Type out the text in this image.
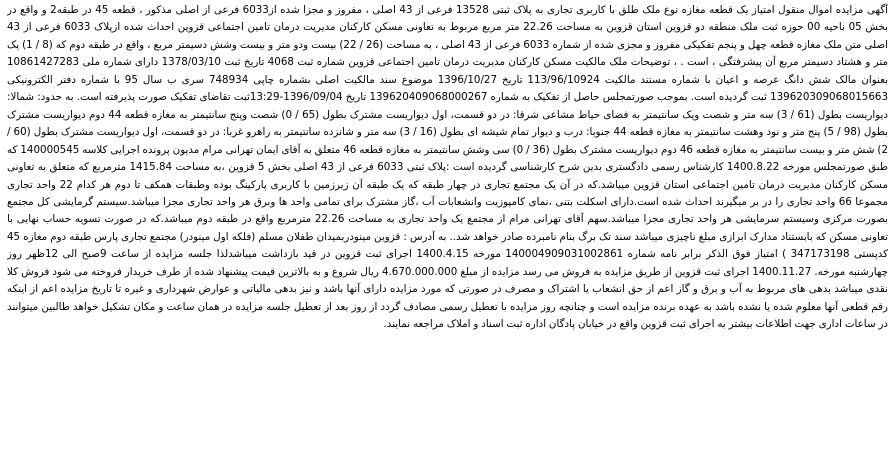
آگهی مزایده اموال منقول امتیاز یک قطعه مغازه نوع ملک طلق با کاربری تجاری به پلاک ثبتی 13528 فرعی از 43 اصلی ، مفروز و مجزا شده از6033 فرعی از اصلی مذکور ، قطعه 45 در طبقه2 و واقع در بخش 05 ناحیه 00 حوزه ثبت ملک منطقه دو قزوین استان قزوین به مساحت 22.26 متر مربع مربوط به تعاونی مسکن کارکنان مدیریت درمان تامین اجتماعی قزوین احداث شده ازپلاک 6033 فرعی از 43 اصلی متن ملک مغازه قطعه چهل و پنجم تفکیکی مفروز و مجزی شده از شماره 6033 فرعی از 43 اصلی ، به مساحت (26 / 22) بیست ودو متر و بیست وشش دسیمتر مربع ، واقع در طبقه دوم که (8 / 1) یک متر و هشتاد دسیمتر مربع آن پیشرفتگی ، است . ، توضیحات ملک مالکیت مسکن کارکنان مدیریت درمان تامین اجتماعی قزوین شماره ثبت 4068 تاریخ ثبت 1378/03/10 دارای شماره ملی 10861427283 بعنوان مالک شش دانگ عرصه و اعیان با شماره مستند مالکیت 113/96/10924 تاریخ 1396/10/27 موضوع سند مالکیت اصلی بشماره چاپی 748934 سری ب سال 95 با شماره دفتر الکترونیکی 139620309068015663 ثبت گردیده است. بموجب صورتمجلس حاصل از تفکیک به شماره 139620409068000267 تاریخ 1396/09/04-13:29ثبت تقاضای تفکیک صورت پذیرفته است. به حدود: شمالا: دیواریست بطول (61 / 3) سه متر و شصت ویک سانتیمتر به فضای حیاط مشاعی شرقا: در دو قسمت، اول دیواریست مشترک بطول (65 / 0) شصت وپنج سانتیمتر به مغازه قطعه 44 دوم دیواریست مشترک بطول (98 / 5) پنج متر و نود وهشت سانتیمتر به مغازه قطعه 44 جنوبا: درب و دیوار تمام شیشه ای بطول (16 / 3) سه متر و شانزده سانتیمتر به راهرو غربا: در دو قسمت، اول دیواریست مشترک بطول (60 / 2) شش متر و بیست سانتیمتر به مغازه قطعه 46 دوم دیواریست مشترک بطول (36 / 0) سی وشش سانتیمتر به مغازه قطعه 46 متعلق به آقای ایمان تهرانی مرام مدیون پرونده اجرایی کلاسه 140000545 که طبق صورتمجلس مورخه 1400.8.22 کارشناس رسمی دادگستری بدین شرح کارشناسی گردیده است :پلاک ثبتی 6033 فرعی از 43 اصلی بخش 5 قزوین ،به مساحت 1415.84 مترمربع که متعلق به تعاونی مسکن کارکنان مدیریت درمان تامین اجتماعی استان قزوین میباشد.که در آن یک مجتمع تجاری در چهار طبقه که یک طبقه آن زیرزمین با کاربری پارکینگ بوده وطبقات همکف تا دوم هر کدام 22 واحد تجاری مجموعا 66 واحد تجاری را در بر میگیرند احداث شده است.دارای اسکلت بتنی ،نمای کامپوزیت وانشعابات آب ،گاز مشترک برای تمامی واحد ها وبرق هر واحد تجاری مجزا میباشد.سیستم گرمایشی کل مجتمع بصورت مرکزی وسیستم سرمایشی هر واحد تجاری مجزا میباشد.سهم آقای تهرانی مرام از مجتمع یک واحد تجاری به مساحت 22.26 مترمربع واقع در طبقه دوم میباشد.که در صورت تسویه حساب نهایی با تعاونی مسکن که بابستناد مدارک ابرازی مبلغ ناچیزی میباشد سند تک برگ بنام نامبرده صادر خواهد شد.. به آدرس : قزوین مینودربمیدان طفلان مسلم (فلکه اول مینودر) مجتمع تجاری پارس طبقه دوم مغازه 45 کدپستی 347173198 ) امتیاز فوق الذکر برابر نامه شماره 140004909031002861 مورخه 1400.4.15 اجرای ثبت قزوین در قید بازداشت میباشدلذا جلسه مزایده از ساعت 9صبح الی 12ظهر روز چهارشنبه مورخه. 1400.11.27 اجرای ثبت قزوین از طریق مزایده به فروش می رسد مزایده از مبلغ 4.670.000.000 ریال شروع و به بالاترین قیمت پیشنهاد شده از طرف خریدار فروخته می شود فروش کلا نقدی میباشد بدهی های مربوط به آب و برق و گاز اعم از حق انشعاب یا اشتراک و مصرف در صورتی که مورد مزایده دارای آنها باشد و نیز بدهی مالیاتی و عوارض شهرداری و غیره تا تاریخ مزایده اعم از اینکه رقم قطعی آنها معلوم شده یا نشده باشد به عهده برنده مزایده است و چنانچه روز مزایده با تعطیل رسمی مصادف گردد از روز بعد از تعطیل جلسه مزایده در همان ساعت و مکان تشکیل خواهد طالبین میتوانند در ساعات اداری جهت اطلاعات بیشتر به اجرای ثبت قزوین واقع در خیابان پادگان اداره ثبت اسناد و املاک مراجعه نمایند.
